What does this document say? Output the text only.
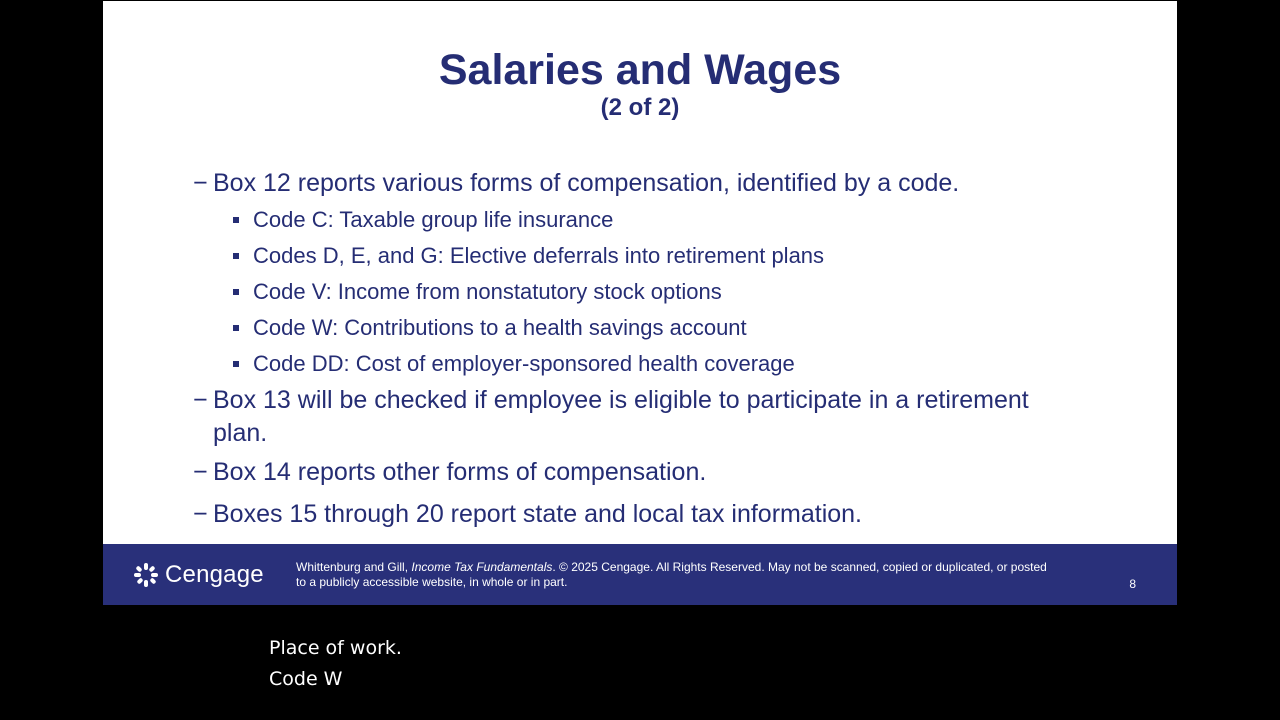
Salaries and Wages
(2 of 2)
− Box 12 reports various forms of compensation, identified by a code.
Code C: Taxable group life insurance
Codes D, E, and G: Elective deferrals into retirement plans
Code V: Income from nonstatutory stock options
Code W: Contributions to a health savings account
Code DD: Cost of employer-sponsored health coverage
− Box 13 will be checked if employee is eligible to participate in a retirement
plan.
− Box 14 reports other forms of compensation.
− Boxes 15 through 20 report state and local tax information.
Cengage	Whittenburg and Gill, Income Tax Fundamentals. © 2025 Cengage. All Rights Reserved. May not be scanned, copied or duplicated, or posted
to a publicly accessible website, in whole or in part.	8
Place of work.
Code W
